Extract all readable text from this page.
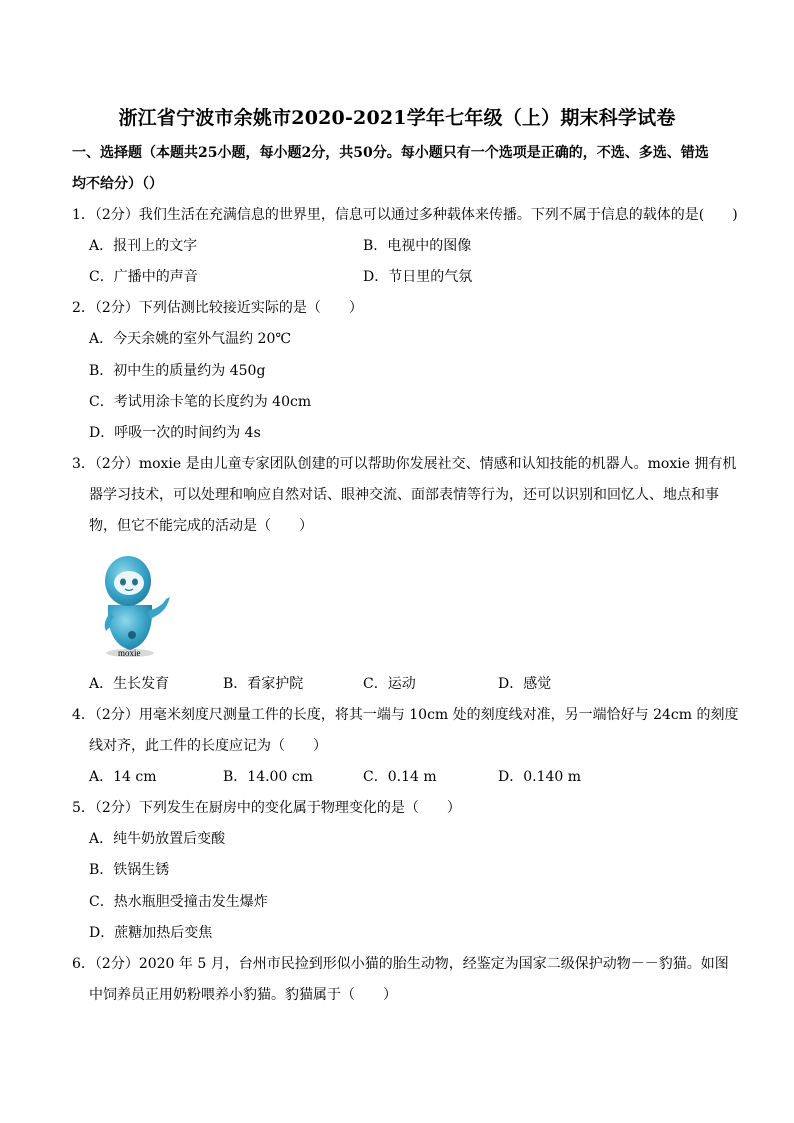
浙江省宁波市余姚市2020-2021学年七年级（上）期末科学试卷
一、选择题（本题共25小题，每小题2分，共50分。每小题只有一个选项是正确的，不选、多选、错选
均不给分）（）
1．（2分）我们生活在充满信息的世界里，信息可以通过多种载体来传播。下列不属于信息的载体的是(　　)
A．报刊上的文字	B．电视中的图像
C．广播中的声音	D．节日里的气氛
2．（2分）下列估测比较接近实际的是（　　）
A．今天余姚的室外气温约 20℃
B．初中生的质量约为 450g
C．考试用涂卡笔的长度约为 40cm
D．呼吸一次的时间约为 4s
3．（2分）moxie 是由儿童专家团队创建的可以帮助你发展社交、情感和认知技能的机器人。moxie 拥有机
器学习技术，可以处理和响应自然对话、眼神交流、面部表情等行为，还可以识别和回忆人、地点和事
物，但它不能完成的活动是（　　）
moxie
A．生长发育	B．看家护院	C．运动	D．感觉
4．（2分）用毫米刻度尺测量工件的长度，将其一端与 10cm 处的刻度线对准，另一端恰好与 24cm 的刻度
线对齐，此工件的长度应记为（　　）
A．14 cm	B．14.00 cm	C．0.14 m	D．0.140 m
5．（2分）下列发生在厨房中的变化属于物理变化的是（　　）
A．纯牛奶放置后变酸
B．铁锅生锈
C．热水瓶胆受撞击发生爆炸
D．蔗糖加热后变焦
6．（2分）2020 年 5 月，台州市民捡到形似小猫的胎生动物，经鉴定为国家二级保护动物－－豹猫。如图
中饲养员正用奶粉喂养小豹猫。豹猫属于（　　）
